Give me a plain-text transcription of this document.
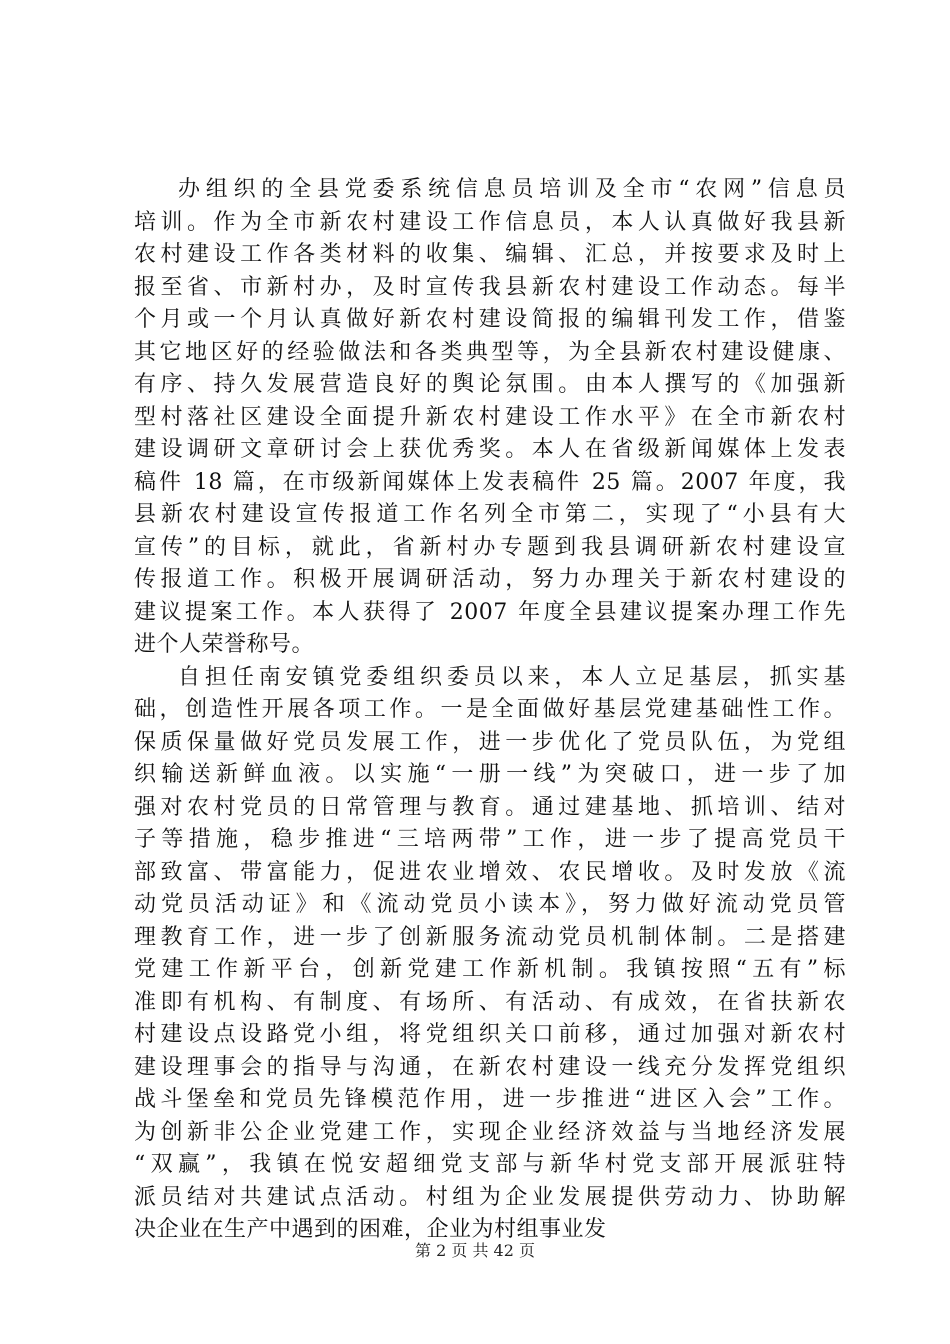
办组织的全县党委系统信息员培训及全市“农网”信息员
培训。作为全市新农村建设工作信息员，本人认真做好我县新
农村建设工作各类材料的收集、编辑、汇总，并按要求及时上
报至省、市新村办，及时宣传我县新农村建设工作动态。每半
个月或一个月认真做好新农村建设简报的编辑刊发工作，借鉴
其它地区好的经验做法和各类典型等，为全县新农村建设健康、
有序、持久发展营造良好的舆论氛围。由本人撰写的《加强新
型村落社区建设全面提升新农村建设工作水平》在全市新农村
建设调研文章研讨会上获优秀奖。本人在省级新闻媒体上发表
稿件 18 篇，在市级新闻媒体上发表稿件 25 篇。2007 年度，我
县新农村建设宣传报道工作名列全市第二，实现了“小县有大
宣传”的目标，就此，省新村办专题到我县调研新农村建设宣
传报道工作。积极开展调研活动，努力办理关于新农村建设的
建议提案工作。本人获得了 2007 年度全县建议提案办理工作先
进个人荣誉称号。
自担任南安镇党委组织委员以来，本人立足基层，抓实基
础，创造性开展各项工作。一是全面做好基层党建基础性工作。
保质保量做好党员发展工作，进一步优化了党员队伍，为党组
织输送新鲜血液。以实施“一册一线”为突破口，进一步了加
强对农村党员的日常管理与教育。通过建基地、抓培训、结对
子等措施，稳步推进“三培两带”工作，进一步了提高党员干
部致富、带富能力，促进农业增效、农民增收。及时发放《流
动党员活动证》和《流动党员小读本》，努力做好流动党员管
理教育工作，进一步了创新服务流动党员机制体制。二是搭建
党建工作新平台，创新党建工作新机制。我镇按照“五有”标
准即有机构、有制度、有场所、有活动、有成效，在省扶新农
村建设点设路党小组，将党组织关口前移，通过加强对新农村
建设理事会的指导与沟通，在新农村建设一线充分发挥党组织
战斗堡垒和党员先锋模范作用，进一步推进“进区入会”工作。
为创新非公企业党建工作，实现企业经济效益与当地经济发展
“双赢”，我镇在悦安超细党支部与新华村党支部开展派驻特
派员结对共建试点活动。村组为企业发展提供劳动力、协助解
决企业在生产中遇到的困难，企业为村组事业发
第 2 页 共 42 页
